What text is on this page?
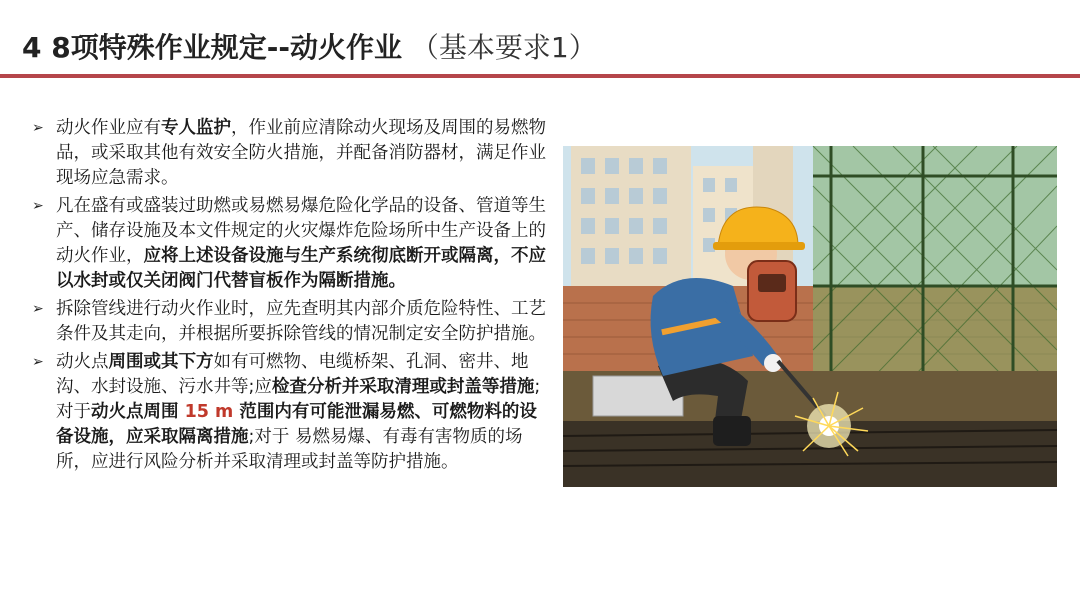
4 8项特殊作业规定--动火作业 （基本要求1）
➢ 动火作业应有专人监护，作业前应清除动火现场及周围的易燃物品，或采取其他有效安全防火措施，并配备消防器材，满足作业现场应急需求。
➢ 凡在盛有或盛装过助燃或易燃易爆危险化学品的设备、管道等生产、储存设施及本文件规定的火灾爆炸危险场所中生产设备上的动火作业，应将上述设备设施与生产系统彻底断开或隔离，不应以水封或仅关闭阀门代替盲板作为隔断措施。
➢ 拆除管线进行动火作业时，应先查明其内部介质危险特性、工艺条件及其走向，并根据所要拆除管线的情况制定安全防护措施。
➢ 动火点周围或其下方如有可燃物、电缆桥架、孔洞、密井、地沟、水封设施、污水井等;应检查分析并采取清理或封盖等措施;对于动火点周围 15 m 范围内有可能泄漏易燃、可燃物料的设备设施，应采取隔离措施;对于 易燃易爆、有毒有害物质的场所，应进行风险分析并采取清理或封盖等防护措施。
